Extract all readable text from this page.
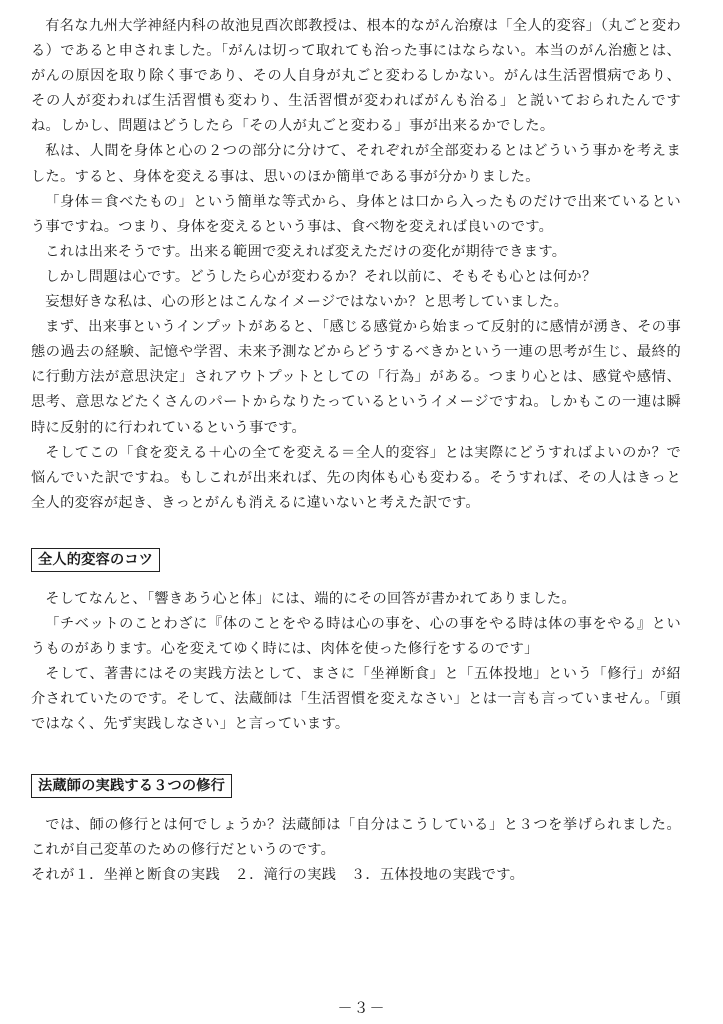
有名な九州大学神経内科の故池見酉次郎教授は、根本的ながん治療は「全人的変容」（丸ごと変わる）であると申されました。「がんは切って取れても治った事にはならない。本当のがん治癒とは、がんの原因を取り除く事であり、その人自身が丸ごと変わるしかない。がんは生活習慣病であり、その人が変われば生活習慣も変わり、生活習慣が変わればがんも治る」と説いておられたんですね。しかし、問題はどうしたら「その人が丸ごと変わる」事が出来るかでした。

私は、人間を身体と心の２つの部分に分けて、それぞれが全部変わるとはどういう事かを考えました。すると、身体を変える事は、思いのほか簡単である事が分かりました。

「身体＝食べたもの」という簡単な等式から、身体とは口から入ったものだけで出来ているという事ですね。つまり、身体を変えるという事は、食べ物を変えれば良いのです。

これは出来そうです。出来る範囲で変えれば変えただけの変化が期待できます。

しかし問題は心です。どうしたら心が変わるか？それ以前に、そもそも心とは何か？

妄想好きな私は、心の形とはこんなイメージではないか？と思考していました。

まず、出来事というインプットがあると、「感じる感覚から始まって反射的に感情が湧き、その事態の過去の経験、記憶や学習、未来予測などからどうするべきかという一連の思考が生じ、最終的に行動方法が意思決定」されアウトプットとしての「行為」がある。つまり心とは、感覚や感情、思考、意思などたくさんのパートからなりたっているというイメージですね。しかもこの一連は瞬時に反射的に行われているという事です。

そしてこの「食を変える＋心の全てを変える＝全人的変容」とは実際にどうすればよいのか？で悩んでいた訳ですね。もしこれが出来れば、先の肉体も心も変わる。そうすれば、その人はきっと全人的変容が起き、きっとがんも消えるに違いないと考えた訳です。

全人的変容のコツ

そしてなんと、「響きあう心と体」には、端的にその回答が書かれてありました。

「チベットのことわざに『体のことをやる時は心の事を、心の事をやる時は体の事をやる』というものがあります。心を変えてゆく時には、肉体を使った修行をするのです」

そして、著書にはその実践方法として、まさに「坐禅断食」と「五体投地」という「修行」が紹介されていたのです。そして、法蔵師は「生活習慣を変えなさい」とは一言も言っていません。「頭ではなく、先ず実践しなさい」と言っています。

法蔵師の実践する３つの修行

では、師の修行とは何でしょうか？法蔵師は「自分はこうしている」と３つを挙げられました。これが自己変革のための修行だというのです。

それが１．坐禅と断食の実践　２．滝行の実践　３．五体投地の実践です。

－３－
